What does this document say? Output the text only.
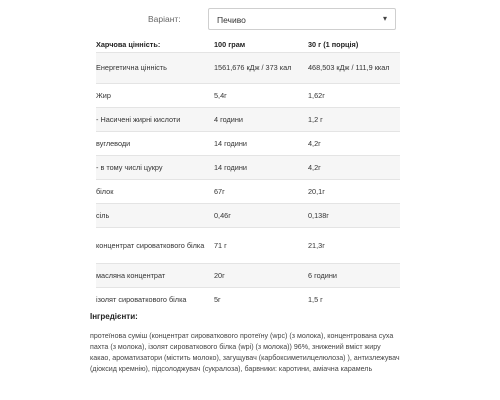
Варіант:	Печиво	▾
Харчова цінність:	100 грам	30 г (1 порція)
Енергетична цінність	1561,676 кДж / 373 кал	468,503 кДж / 111,9 ккал
Жир	5,4г	1,62г
- Насичені жирні кислоти	4 години	1,2 г
вуглеводи	14 години	4,2г
- в тому числі цукру	14 години	4,2г
білок	67г	20,1г
сіль	0,46г	0,138г
концентрат сироваткового білка	71 г	21,3г
масляна концентрат	20г	6 години
ізолят сироваткового білка	5г	1,5 г
Інгредієнти:
протеїнова суміш (концентрат сироваткового протеїну (wpc) (з молока), концентрована суха пахта (з молока), ізолят сироваткового білка (wpi) (з молока)) 96%, знижений вміст жиру какао, ароматизатори (містить молоко), загущувач (карбоксиметилцелюлоза) ), антизлежувач (діоксид кремнію), підсолоджувач (сукралоза), барвники: каротини, аміачна карамель
